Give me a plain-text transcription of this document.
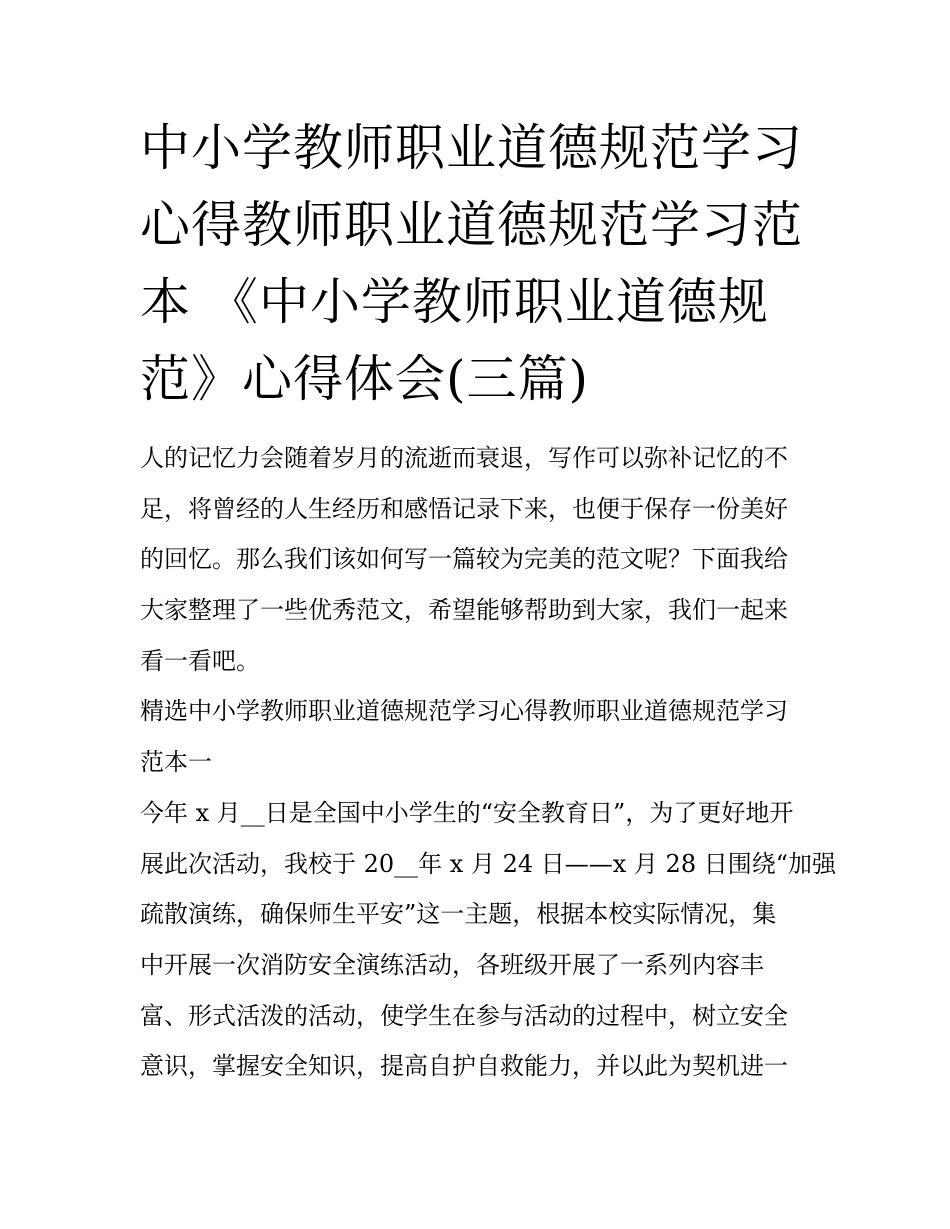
中小学教师职业道德规范学习
心得教师职业道德规范学习范
本 《中小学教师职业道德规
范》心得体会(三篇)
人的记忆力会随着岁月的流逝而衰退，写作可以弥补记忆的不
足，将曾经的人生经历和感悟记录下来，也便于保存一份美好
的回忆。那么我们该如何写一篇较为完美的范文呢？下面我给
大家整理了一些优秀范文，希望能够帮助到大家，我们一起来
看一看吧。
精选中小学教师职业道德规范学习心得教师职业道德规范学习
范本一
今年 x 月__日是全国中小学生的“安全教育日”，为了更好地开
展此次活动，我校于 20__年 x 月 24 日——x 月 28 日围绕“加强
疏散演练，确保师生平安”这一主题，根据本校实际情况，集
中开展一次消防安全演练活动，各班级开展了一系列内容丰
富、形式活泼的活动，使学生在参与活动的过程中，树立安全
意识，掌握安全知识，提高自护自救能力，并以此为契机进一
